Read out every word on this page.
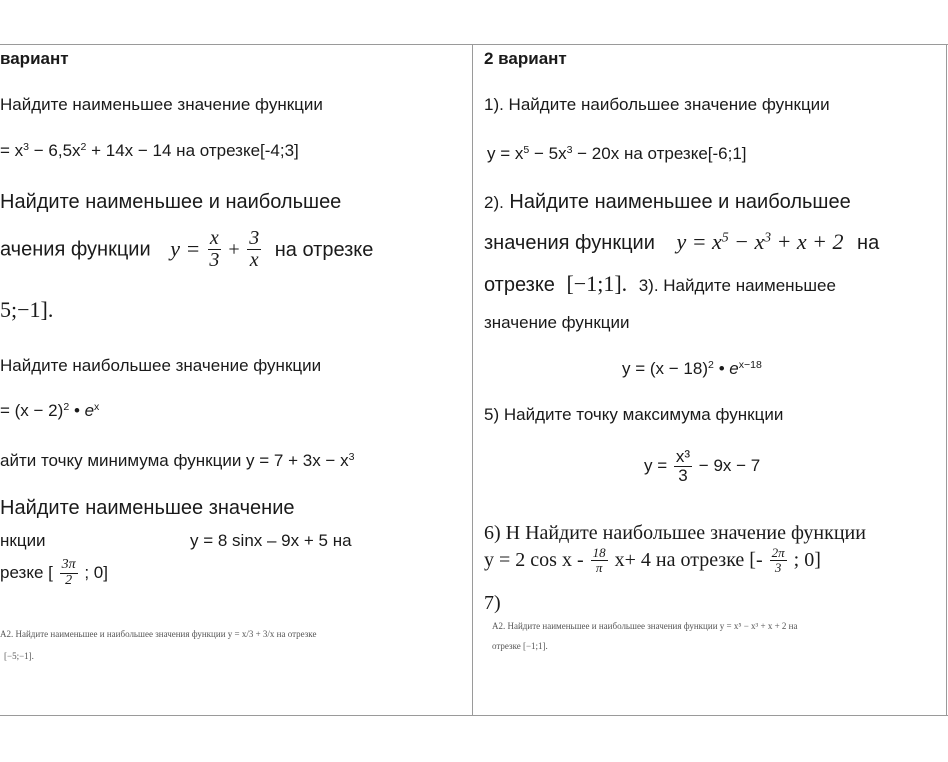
вариант
Найдите наименьшее значение функции
= $x^3 - 6,5x^2 + 14x - 14$ на отрезке[-4;3]
Найдите наименьшее и наибольшее
ачения функции $y = \frac{x}{3} + \frac{3}{x}$ на отрезке
5;−1].
Найдите наибольшее значение функции
= $(x - 2)^2$ • $e^x$
айти точку минимума функции $y = 7 + 3x - x^3$
Найдите наименьшее значение
нкции	y = 8 sinx – 9x + 5 на
резке [ $\frac{3\pi}{2}$ ; 0]
А2. Найдите наименьшее и наибольшее значения функции y = x/3 + 3/x на отрезке
[−5;−1].
2 вариант
1). Найдите наибольшее значение функции
$y = x^5 - 5x^3 - 20x$ на отрезке[-6;1]
2). Найдите наименьшее и наибольшее
значения функции $y = x^5 - x^3 + x + 2$ на
отрезке [−1;1]. 3). Найдите наименьшее
значение функции
$y = (x - 18)^2$ • $e^{x-18}$
5) Найдите точку максимума функции
$y = \frac{\text{x³}}{3} - 9x - 7$
6) Н Найдите наибольшее значение функции
y = 2 $\cos x - \frac{18}{\pi} x+ 4$ на отрезке [- $\frac{2\pi}{3}$ ; 0]
7)
А2. Найдите наименьшее и наибольшее значения функции y = x⁵ − x³ + x + 2 на
отрезке [−1;1].
